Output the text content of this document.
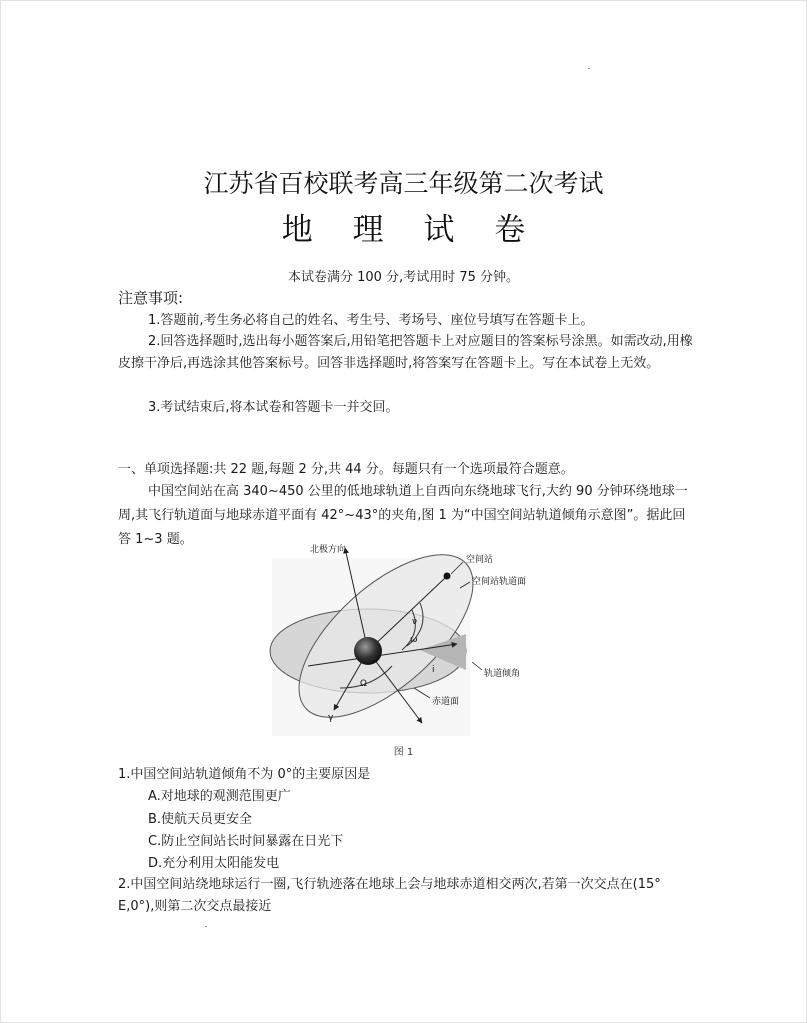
江苏省百校联考高三年级第二次考试
地 理 试 卷
本试卷满分 100 分,考试用时 75 分钟。
注意事项:
1.答题前,考生务必将自己的姓名、考生号、考场号、座位号填写在答题卡上。
2.回答选择题时,选出每小题答案后,用铅笔把答题卡上对应题目的答案标号涂黑。如需改动,用橡皮擦干净后,再选涂其他答案标号。回答非选择题时,将答案写在答题卡上。写在本试卷上无效。
3.考试结束后,将本试卷和答题卡一并交回。
一、单项选择题:共 22 题,每题 2 分,共 44 分。每题只有一个选项最符合题意。
中国空间站在高 340~450 公里的低地球轨道上自西向东绕地球飞行,大约 90 分钟环绕地球一周,其飞行轨道面与地球赤道平面有 42°~43°的夹角,图 1 为“中国空间站轨道倾角示意图”。据此回答 1~3 题。
北极方向
空间站
空间站轨道面
轨道倾角
赤道面
Ω
ν
ω
i
γ
图 1
1.中国空间站轨道倾角不为 0°的主要原因是
A.对地球的观测范围更广
B.使航天员更安全
C.防止空间站长时间暴露在日光下
D.充分利用太阳能发电
2.中国空间站绕地球运行一圈,飞行轨迹落在地球上会与地球赤道相交两次,若第一次交点在(15° E,0°),则第二次交点最接近
